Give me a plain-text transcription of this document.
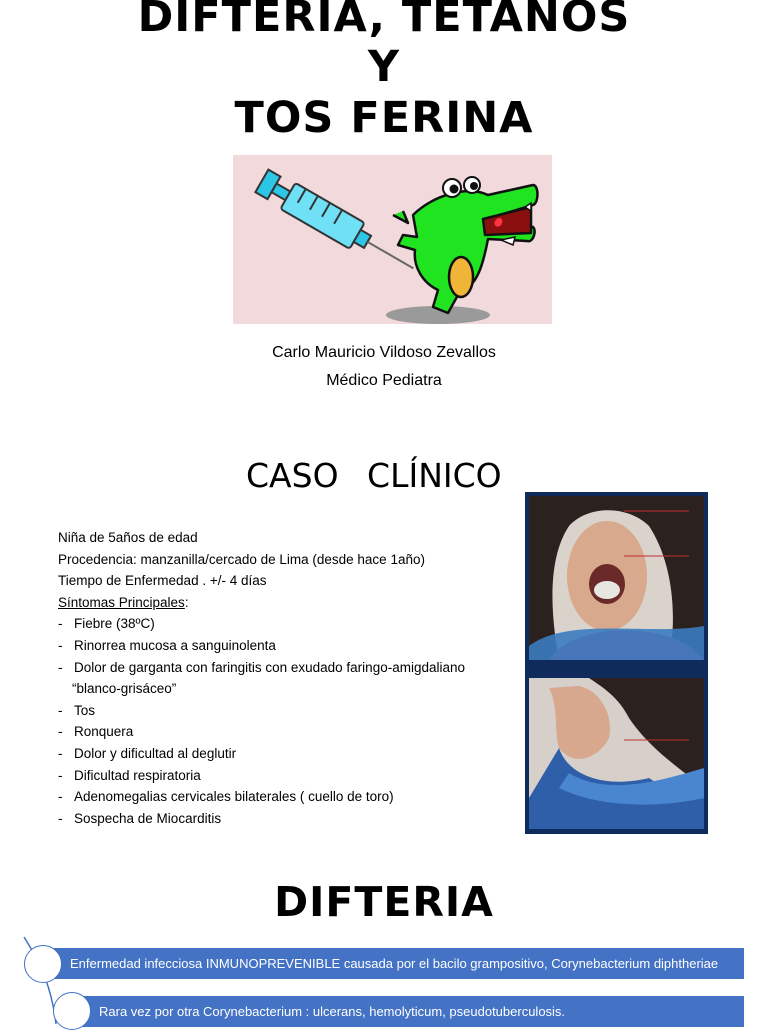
DIFTERIA, TETANOS
Y
TOS FERINA
Carlo Mauricio Vildoso Zevallos
Médico Pediatra
CASO CLÍNICO
Niña de 5años de edad
Procedencia: manzanilla/cercado de Lima (desde hace 1año)
Tiempo de Enfermedad . +/- 4 días
Síntomas Principales:
- Fiebre (38ºC)
- Rinorrea mucosa a sanguinolenta
- Dolor de garganta con faringitis con exudado faringo-amigdaliano
“blanco-grisáceo”
- Tos
- Ronquera
- Dolor y dificultad al deglutir
- Dificultad respiratoria
- Adenomegalias cervicales bilaterales ( cuello de toro)
- Sospecha de Miocarditis
DIFTERIA
Enfermedad infecciosa INMUNOPREVENIBLE causada por el bacilo grampositivo, Corynebacterium diphtheriae
Rara vez por otra Corynebacterium : ulcerans, hemolyticum, pseudotuberculosis.
